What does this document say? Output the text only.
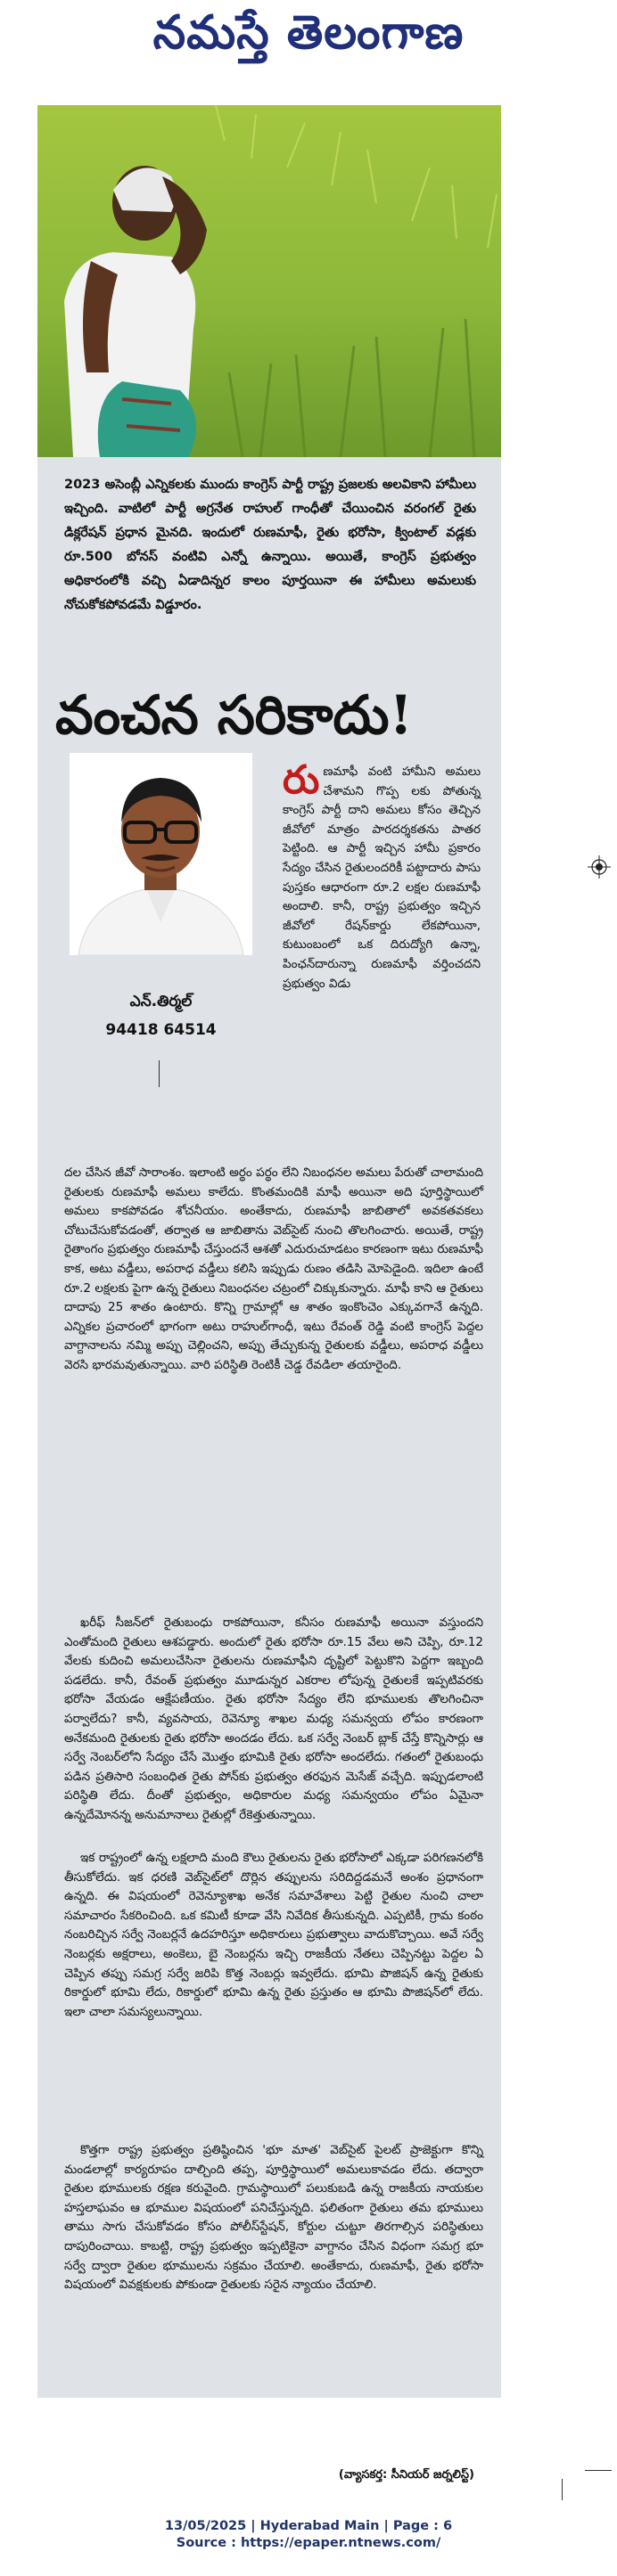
నమస్తే తెలంగాణ

2023 అసెంబ్లీ ఎన్నికలకు ముందు కాంగ్రెస్ పార్టీ రాష్ట్ర ప్రజలకు అలవికాని హామీలు ఇచ్చింది. వాటిలో పార్టీ అగ్రనేత రాహుల్ గాంధీతో చేయించిన వరంగల్ రైతు డిక్లరేషన్ ప్రధాన మైనది. ఇందులో రుణమాఫీ, రైతు భరోసా, క్వింటాల్ వడ్లకు రూ.500 బోనస్ వంటివి ఎన్నో ఉన్నాయి. అయితే, కాంగ్రెస్ ప్రభుత్వం అధికారంలోకి వచ్చి ఏడాదిన్నర కాలం పూర్తయినా ఈ హామీలు అమలుకు నోచుకోకపోవడమే విడ్డూరం.

వంచన సరికాదు!
ఎన్.తిర్మల్
94418 64514
రుణమాఫీ వంటి హామీని అమలు చేశామని గొప్ప లకు పోతున్న కాంగ్రెస్ పార్టీ దాని అమలు కోసం తెచ్చిన జీవోలో మాత్రం పారదర్శకతను పాతర పెట్టింది. ఆ పార్టీ ఇచ్చిన హామీ ప్రకారం సేద్యం చేసిన రైతులందరికీ పట్టాదారు పాసు పుస్తకం ఆధారంగా రూ.2 లక్షల రుణమాఫీ అందాలి. కానీ, రాష్ట్ర ప్రభుత్వం ఇచ్చిన జీవోలో రేషన్‌కార్డు లేకపోయినా, కుటుంబంలో ఒక దిరుద్యోగి ఉన్నా, పింఛన్‌దారున్నా రుణమాఫీ వర్తించదని ప్రభుత్వం విడు

దల చేసిన జీవో సారాంశం. ఇలాంటి అర్థం పర్థం లేని నిబంధనల అమలు పేరుతో చాలామంది రైతులకు రుణమాఫీ అమలు కాలేదు. కొంతమందికి మాఫీ అయినా అది పూర్తిస్థాయిలో అమలు కాకపోవడం శోచనీయం. అంతేకాదు, రుణమాఫీ జాబితాలో అవకతవకలు చోటుచేసుకోవడంతో, తర్వాత ఆ జాబితాను వెబ్‌సైట్ నుంచి తొలగించారు. అయితే, రాష్ట్ర రైతాంగం ప్రభుత్వం రుణమాఫీ చేస్తుందనే ఆశతో ఎదురుచూడటం కారణంగా ఇటు రుణమాఫీ కాక, అటు వడ్డీలు, అపరాధ వడ్డీలు కలిసి ఇప్పుడు రుణం తడిసి మోపెడైంది. ఇదిలా ఉంటే రూ.2 లక్షలకు పైగా ఉన్న రైతులు నిబంధనల చట్రంలో చిక్కుకున్నారు. మాఫీ కాని ఆ రైతులు దాదాపు 25 శాతం ఉంటారు. కొన్ని గ్రామాల్లో ఆ శాతం ఇంకొంచెం ఎక్కువగానే ఉన్నది. ఎన్నికల ప్రచారంలో భాగంగా అటు రాహుల్‌గాంధీ, ఇటు రేవంత్ రెడ్డి వంటి కాంగ్రెస్ పెద్దల వాగ్దానాలను నమ్మి అప్పు చెల్లించని, అప్పు తేచ్చుకున్న రైతులకు వడ్డీలు, అపరాధ వడ్డీలు వెరసి భారమవుతున్నాయి. వారి పరిస్థితి రెంటికీ చెడ్డ రేవడిలా తయారైంది.

ఖరీఫ్ సీజన్‌లో రైతుబంధు రాకపోయినా, కనీసం రుణమాఫీ అయినా వస్తుందని ఎంతోమంది రైతులు ఆశపడ్డారు. అందులో రైతు భరోసా రూ.15 వేలు అని చెప్పి, రూ.12 వేలకు కుదించి అమలుచేసినా రైతులను రుణమాఫీని దృష్టిలో పెట్టుకొని పెద్దగా ఇబ్బంది పడలేదు. కానీ, రేవంత్ ప్రభుత్వం మూడున్నర ఎకరాల లోపున్న రైతులకే ఇప్పటివరకు భరోసా వేయడం ఆక్షేపణీయం. రైతు భరోసా సేద్యం లేని భూములకు తొలగించినా పర్వాలేదు? కానీ, వ్యవసాయ, రెవెన్యూ శాఖల మధ్య సమన్వయ లోపం కారణంగా అనేకమంది రైతులకు రైతు భరోసా అందడం లేదు. ఒక సర్వే నెంబర్ బ్లాక్ చేస్తే కొన్నిసార్లు ఆ సర్వే నెంబర్‌లోని సేద్యం చేసే మొత్తం భూమికి రైతు భరోసా అందలేదు. గతంలో రైతుబంధు పడిన ప్రతిసారి సంబంధిత రైతు పోన్‌కు ప్రభుత్వం తరఫున మెసేజ్ వచ్చేది. ఇప్పుడలాంటి పరిస్థితి లేదు. దీంతో ప్రభుత్వం, అధికారుల మధ్య సమన్వయం లోపం ఏమైనా ఉన్నదేమోనన్న అనుమానాలు రైతుల్లో రేకెత్తుతున్నాయి.

ఇక రాష్ట్రంలో ఉన్న లక్షలాది మంది కౌలు రైతులను రైతు భరోసాలో ఎక్కడా పరిగణనలోకి తీసుకోలేదు. ఇక ధరణి వెబ్‌సైట్‌లో దొర్లిన తప్పులను సరిదిద్దడమనే అంశం ప్రధానంగా ఉన్నది. ఈ విషయంలో రెవెన్యూశాఖ అనేక సమావేశాలు పెట్టి రైతుల నుంచి చాలా సమాచారం సేకరించింది. ఒక కమిటీ కూడా వేసి నివేదిక తీసుకున్నది. ఎప్పటికీ, గ్రామ కంఠం నంబరిచ్చిన సర్వే నెంబర్లనే ఉదహరిస్తూ అధికారులు ప్రభుత్వాలు వాదుకొచ్చాయి. అవే సర్వే నెంబర్లకు అక్షరాలు, అంకెలు, బై నెంబర్లను ఇచ్చి రాజకీయ నేతలు చెప్పినట్టు పెద్దల ఏ చెప్పిన తప్పు సమగ్ర సర్వే జరిపి కొత్త నెంబర్లు ఇవ్వలేదు. భూమి పొజిషన్ ఉన్న రైతుకు రికార్డులో భూమి లేదు, రికార్డులో భూమి ఉన్న రైతు ప్రస్తుతం ఆ భూమి పొజిషన్‌లో లేదు. ఇలా చాలా సమస్యలున్నాయి.

కొత్తగా రాష్ట్ర ప్రభుత్వం ప్రతిష్ఠించిన 'భూ మాత' వెబ్‌సైట్ పైలట్ ప్రాజెక్టుగా కొన్ని మండలాల్లో కార్యరూపం దాల్చింది తప్ప, పూర్తిస్థాయిలో అమలుకావడం లేదు. తద్వారా రైతుల భూములకు రక్షణ కరువైంది. గ్రామస్థాయిలో పలుకుబడి ఉన్న రాజకీయ నాయకుల హస్తలాఘవం ఆ భూముల విషయంలో పనిచేస్తున్నది. ఫలితంగా రైతులు తమ భూములు తాము సాగు చేసుకోవడం కోసం పోలీస్‌స్టేషన్, కోర్టుల చుట్టూ తిరగాల్సిన పరిస్థితులు దాపురించాయి. కాబట్టి, రాష్ట్ర ప్రభుత్వం ఇప్పటికైనా వాగ్దానం చేసిన విధంగా సమగ్ర భూ సర్వే ద్వారా రైతుల భూములను సక్రమం చేయాలి. అంతేకాదు, రుణమాఫీ, రైతు భరోసా విషయంలో వివక్షకులకు పోకుండా రైతులకు సరైన న్యాయం చేయాలి.

(వ్యాసకర్త: సీనియర్ జర్నలిస్ట్)
13/05/2025 | Hyderabad Main | Page : 6
Source : https://epaper.ntnews.com/
